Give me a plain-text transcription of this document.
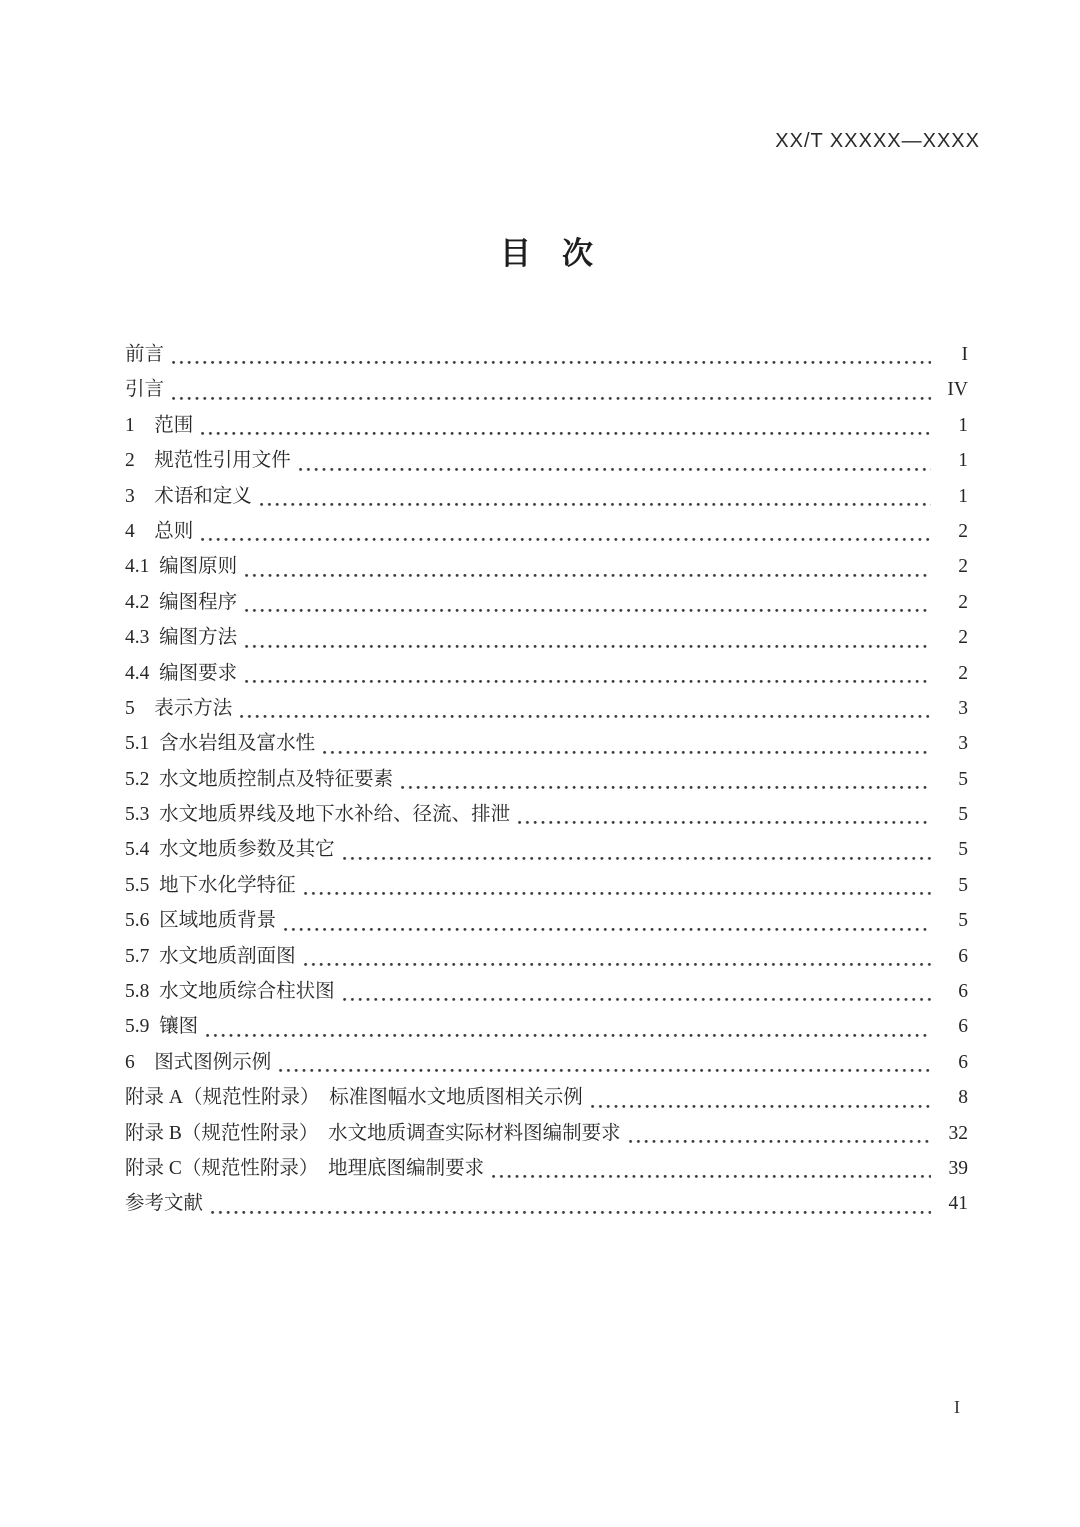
XX/T XXXXX—XXXX
目　次
前言	I
引言	IV
1　范围	1
2　规范性引用文件	1
3　术语和定义	1
4　总则	2
4.1  编图原则	2
4.2  编图程序	2
4.3  编图方法	2
4.4  编图要求	2
5　表示方法	3
5.1  含水岩组及富水性	3
5.2  水文地质控制点及特征要素	5
5.3  水文地质界线及地下水补给、径流、排泄	5
5.4  水文地质参数及其它	5
5.5  地下水化学特征	5
5.6  区域地质背景	5
5.7  水文地质剖面图	6
5.8  水文地质综合柱状图	6
5.9  镶图	6
6　图式图例示例	6
附录 A（规范性附录）　标准图幅水文地质图相关示例	8
附录 B（规范性附录）　水文地质调查实际材料图编制要求	32
附录 C（规范性附录）　地理底图编制要求	39
参考文献	41
I
